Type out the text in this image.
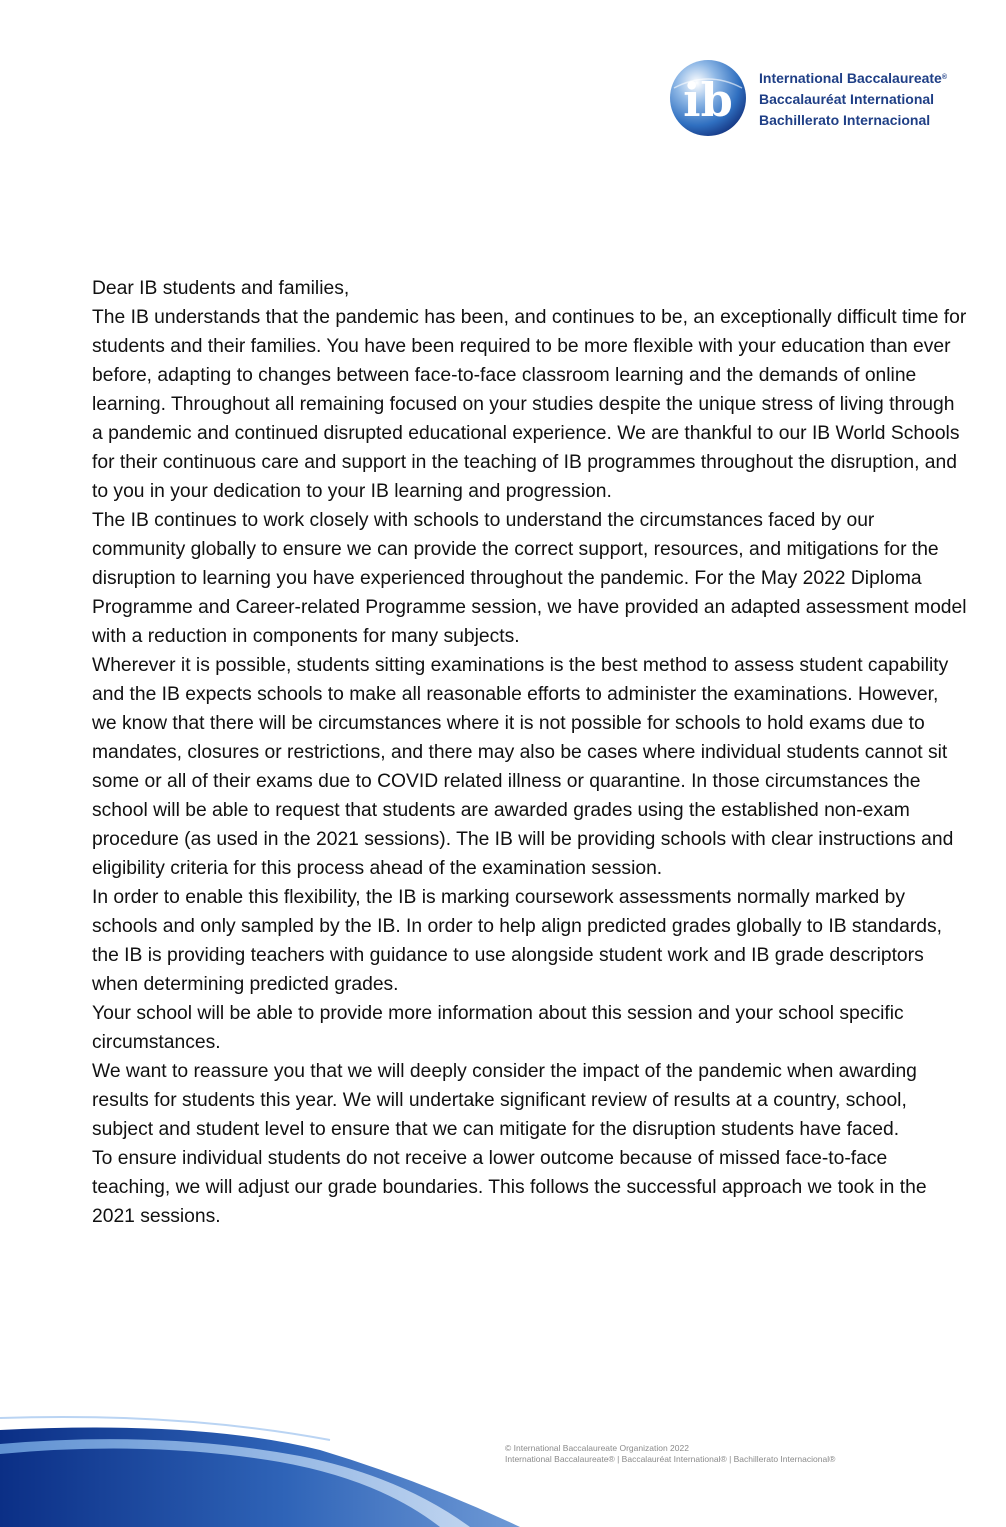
ib International Baccalaureate®
Baccalauréat International
Bachillerato Internacional

Dear IB students and families,

The IB understands that the pandemic has been, and continues to be, an exceptionally difficult time for students and their families. You have been required to be more flexible with your education than ever before, adapting to changes between face-to-face classroom learning and the demands of online learning. Throughout all remaining focused on your studies despite the unique stress of living through a pandemic and continued disrupted educational experience. We are thankful to our IB World Schools for their continuous care and support in the teaching of IB programmes throughout the disruption, and to you in your dedication to your IB learning and progression.

The IB continues to work closely with schools to understand the circumstances faced by our community globally to ensure we can provide the correct support, resources, and mitigations for the disruption to learning you have experienced throughout the pandemic. For the May 2022 Diploma Programme and Career-related Programme session, we have provided an adapted assessment model with a reduction in components for many subjects.

Wherever it is possible, students sitting examinations is the best method to assess student capability and the IB expects schools to make all reasonable efforts to administer the examinations. However, we know that there will be circumstances where it is not possible for schools to hold exams due to mandates, closures or restrictions, and there may also be cases where individual students cannot sit some or all of their exams due to COVID related illness or quarantine. In those circumstances the school will be able to request that students are awarded grades using the established non-exam procedure (as used in the 2021 sessions). The IB will be providing schools with clear instructions and eligibility criteria for this process ahead of the examination session.

In order to enable this flexibility, the IB is marking coursework assessments normally marked by schools and only sampled by the IB. In order to help align predicted grades globally to IB standards, the IB is providing teachers with guidance to use alongside student work and IB grade descriptors when determining predicted grades.

Your school will be able to provide more information about this session and your school specific circumstances.

We want to reassure you that we will deeply consider the impact of the pandemic when awarding results for students this year. We will undertake significant review of results at a country, school, subject and student level to ensure that we can mitigate for the disruption students have faced.

To ensure individual students do not receive a lower outcome because of missed face-to-face teaching, we will adjust our grade boundaries. This follows the successful approach we took in the 2021 sessions.

© International Baccalaureate Organization 2022
International Baccalaureate® | Baccalauréat International® | Bachillerato Internacional®
